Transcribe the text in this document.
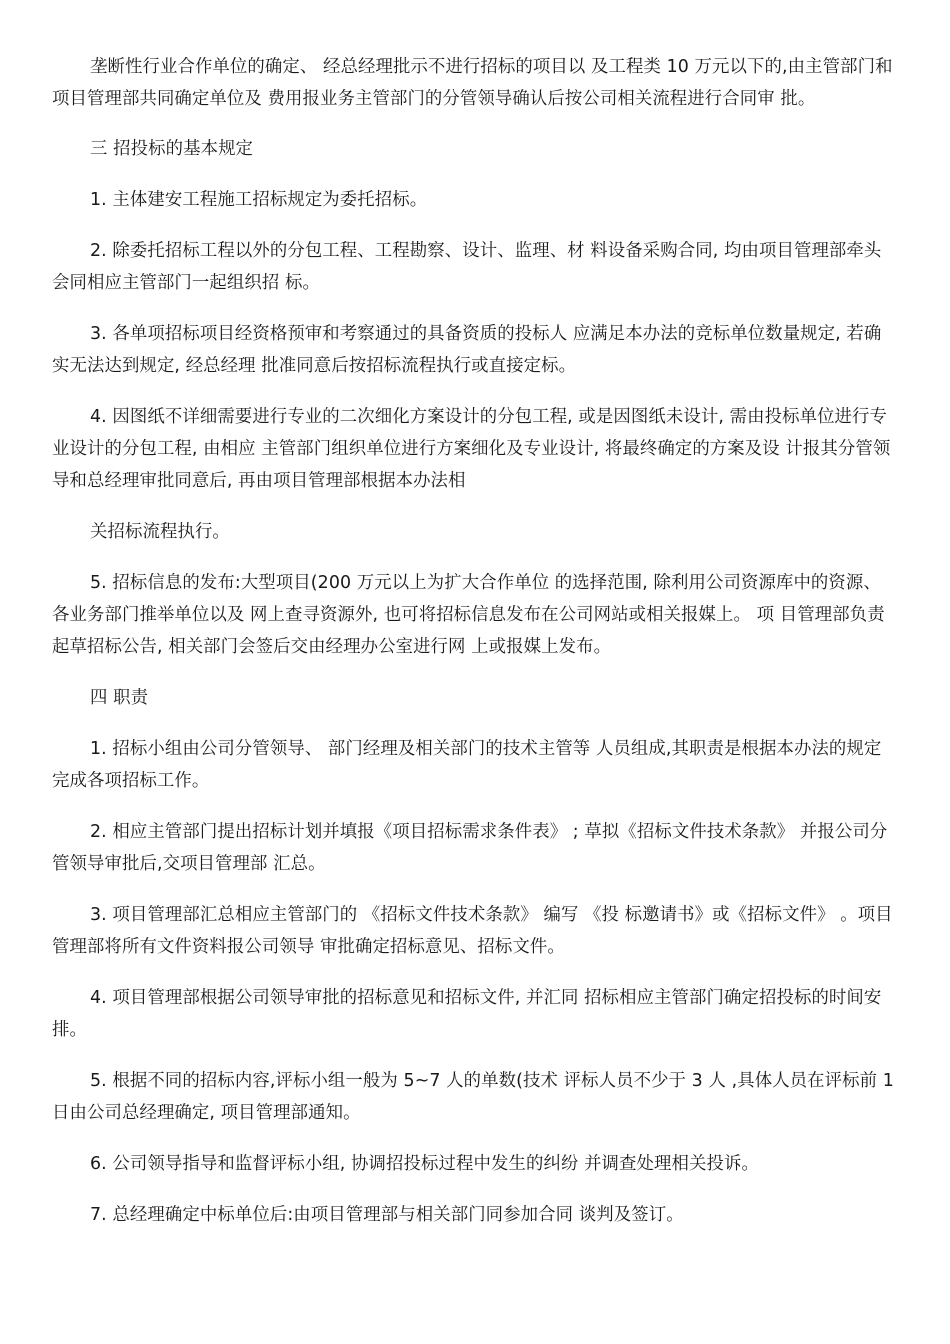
垄断性行业合作单位的确定、 经总经理批示不进行招标的项目以 及工程类 10 万元以下的,由主管部门和项目管理部共同确定单位及 费用报业务主管部门的分管领导确认后按公司相关流程进行合同审 批。

三 招投标的基本规定

1. 主体建安工程施工招标规定为委托招标。

2. 除委托招标工程以外的分包工程、工程勘察、设计、监理、材 料设备采购合同, 均由项目管理部牵头会同相应主管部门一起组织招 标。

3. 各单项招标项目经资格预审和考察通过的具备资质的投标人 应满足本办法的竞标单位数量规定, 若确实无法达到规定, 经总经理 批准同意后按招标流程执行或直接定标。

4. 因图纸不详细需要进行专业的二次细化方案设计的分包工程, 或是因图纸未设计, 需由投标单位进行专业设计的分包工程, 由相应 主管部门组织单位进行方案细化及专业设计, 将最终确定的方案及设 计报其分管领导和总经理审批同意后, 再由项目管理部根据本办法相

关招标流程执行。

5. 招标信息的发布:大型项目(200 万元以上为扩大合作单位 的选择范围, 除利用公司资源库中的资源、 各业务部门推举单位以及 网上查寻资源外, 也可将招标信息发布在公司网站或相关报媒上。 项 目管理部负责起草招标公告, 相关部门会签后交由经理办公室进行网 上或报媒上发布。

四 职责

1. 招标小组由公司分管领导、 部门经理及相关部门的技术主管等 人员组成,其职责是根据本办法的规定完成各项招标工作。

2. 相应主管部门提出招标计划并填报《项目招标需求条件表》 ; 草拟《招标文件技术条款》 并报公司分管领导审批后,交项目管理部 汇总。

3. 项目管理部汇总相应主管部门的 《招标文件技术条款》 编写 《投 标邀请书》或《招标文件》 。项目管理部将所有文件资料报公司领导 审批确定招标意见、招标文件。

4. 项目管理部根据公司领导审批的招标意见和招标文件, 并汇同 招标相应主管部门确定招投标的时间安排。

5. 根据不同的招标内容,评标小组一般为 5~7 人的单数(技术 评标人员不少于 3 人 ,具体人员在评标前 1 日由公司总经理确定, 项目管理部通知。

6. 公司领导指导和监督评标小组, 协调招投标过程中发生的纠纷 并调查处理相关投诉。

7. 总经理确定中标单位后:由项目管理部与相关部门同参加合同 谈判及签订。
